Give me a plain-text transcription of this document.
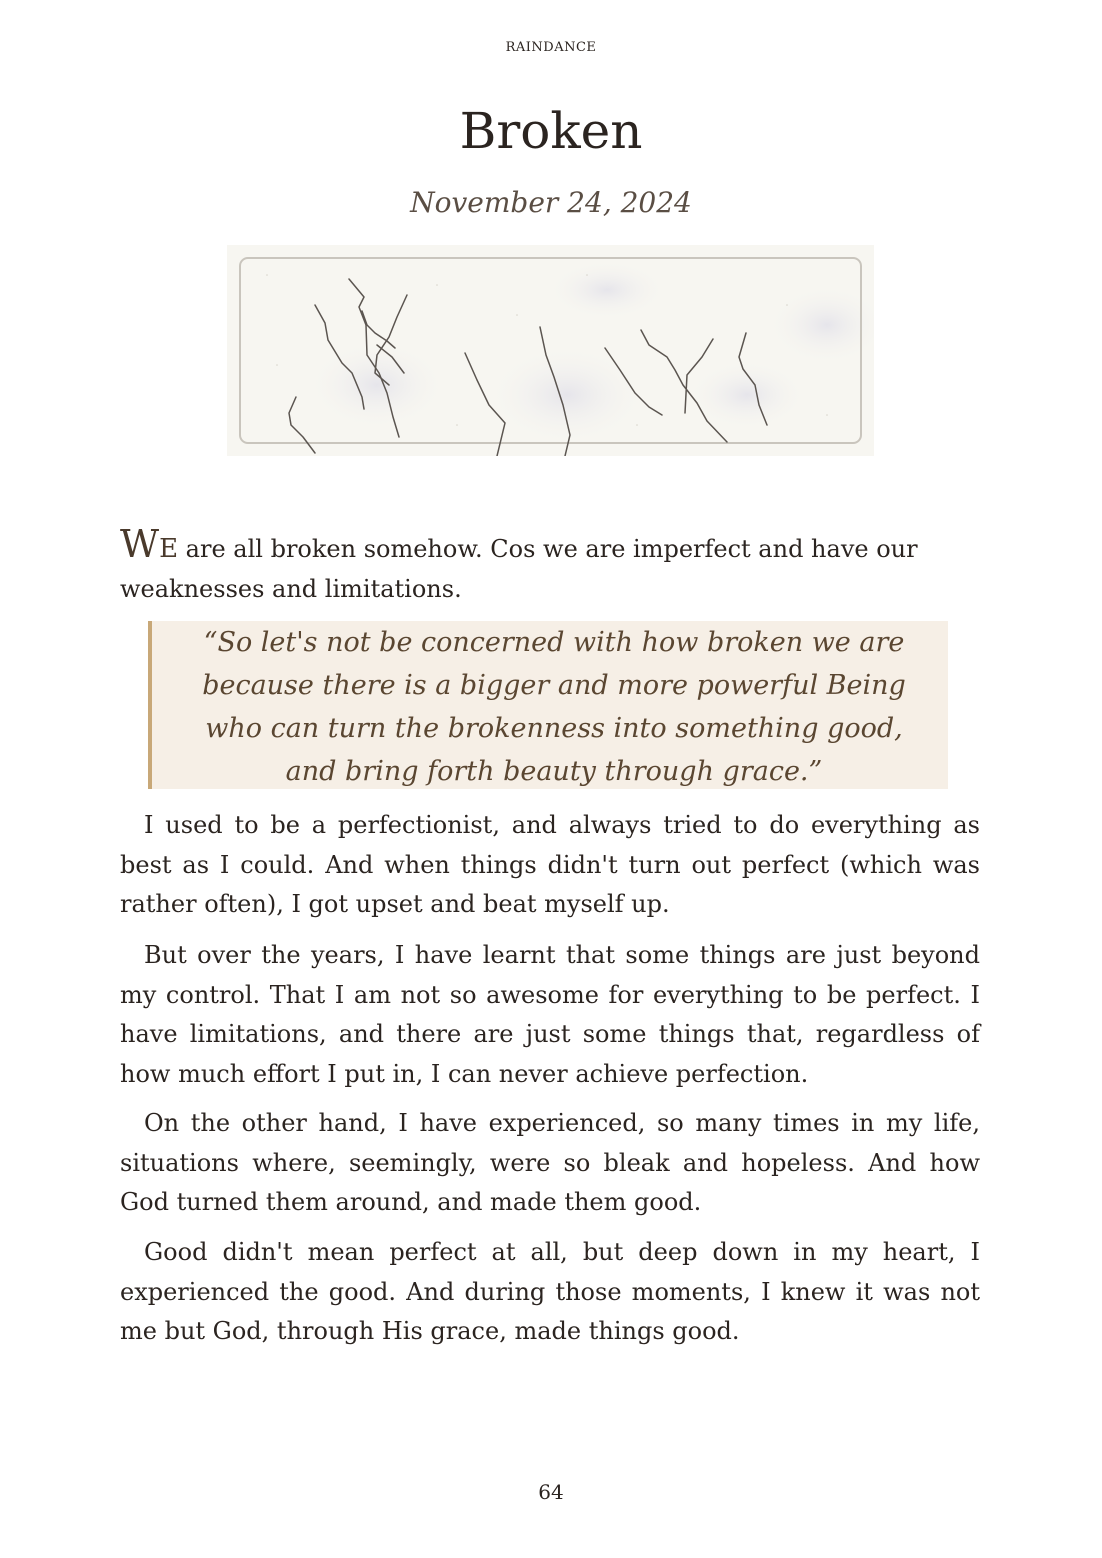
RAINDANCE
Broken
November 24, 2024
WE are all broken somehow. Cos we are imperfect and have our weaknesses and limitations.
“So let's not be concerned with how broken we are because there is a bigger and more powerful Being who can turn the brokenness into something good, and bring forth beauty through grace.”

I used to be a perfectionist, and always tried to do everything as best as I could. And when things didn't turn out perfect (which was rather often), I got upset and beat myself up.

But over the years, I have learnt that some things are just beyond my control. That I am not so awesome for everything to be perfect. I have limitations, and there are just some things that, regardless of how much effort I put in, I can never achieve perfection.

On the other hand, I have experienced, so many times in my life, situations where, seemingly, were so bleak and hopeless. And how God turned them around, and made them good.

Good didn't mean perfect at all, but deep down in my heart, I experienced the good. And during those moments, I knew it was not me but God, through His grace, made things good.

64
